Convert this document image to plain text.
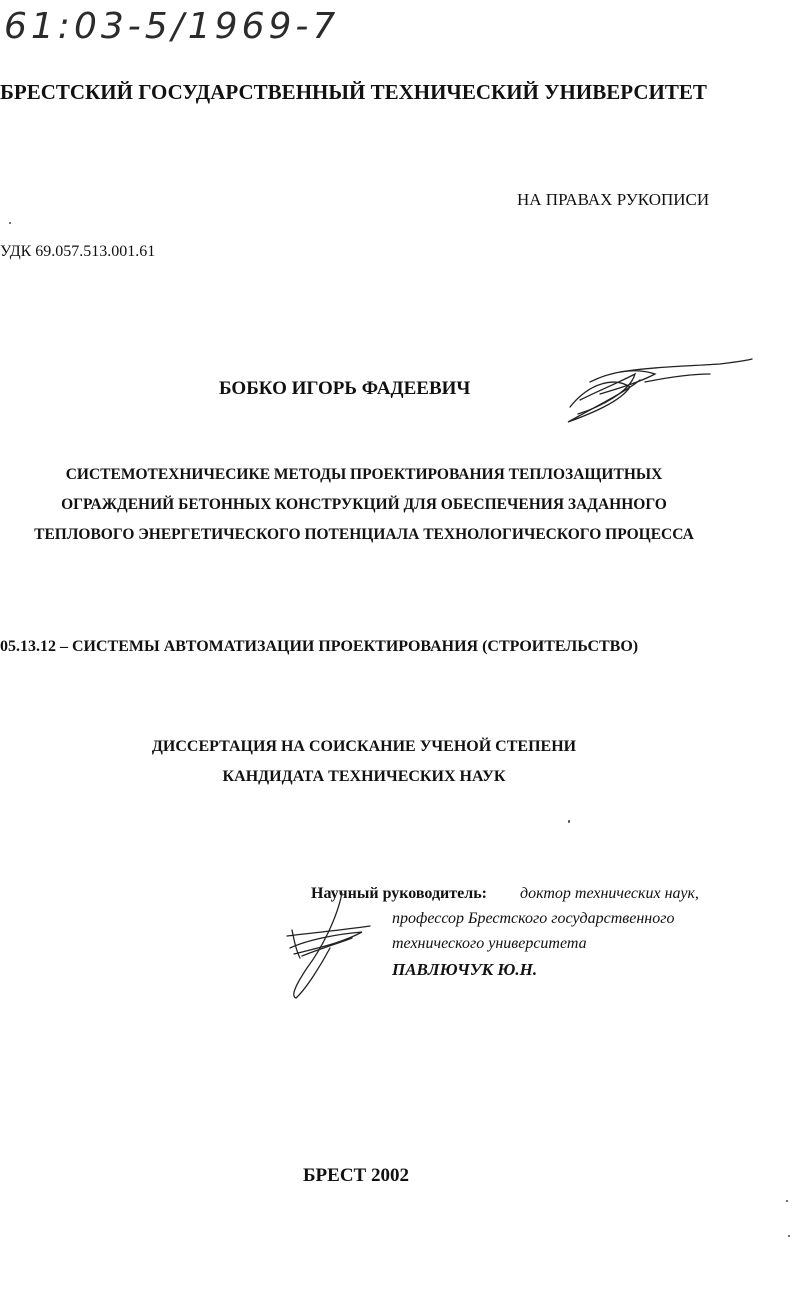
61:03-5/1969-7
БРЕСТСКИЙ ГОСУДАРСТВЕННЫЙ ТЕХНИЧЕСКИЙ УНИВЕРСИТЕТ
НА ПРАВАХ РУКОПИСИ
УДК 69.057.513.001.61
БОБКО ИГОРЬ ФАДЕЕВИЧ
СИСТЕМОТЕХНИЧЕСИКЕ МЕТОДЫ ПРОЕКТИРОВАНИЯ ТЕПЛОЗАЩИТНЫХ
ОГРАЖДЕНИЙ БЕТОННЫХ КОНСТРУКЦИЙ ДЛЯ ОБЕСПЕЧЕНИЯ ЗАДАННОГО
ТЕПЛОВОГО ЭНЕРГЕТИЧЕСКОГО ПОТЕНЦИАЛА ТЕХНОЛОГИЧЕСКОГО ПРОЦЕССА
05.13.12 – СИСТЕМЫ АВТОМАТИЗАЦИИ ПРОЕКТИРОВАНИЯ (СТРОИТЕЛЬСТВО)
ДИССЕРТАЦИЯ НА СОИСКАНИЕ УЧЕНОЙ СТЕПЕНИ
КАНДИДАТА ТЕХНИЧЕСКИХ НАУК
Научный руководитель: доктор технических наук,
профессор Брестского государственного
технического университета
ПАВЛЮЧУК Ю.Н.
БРЕСТ 2002
